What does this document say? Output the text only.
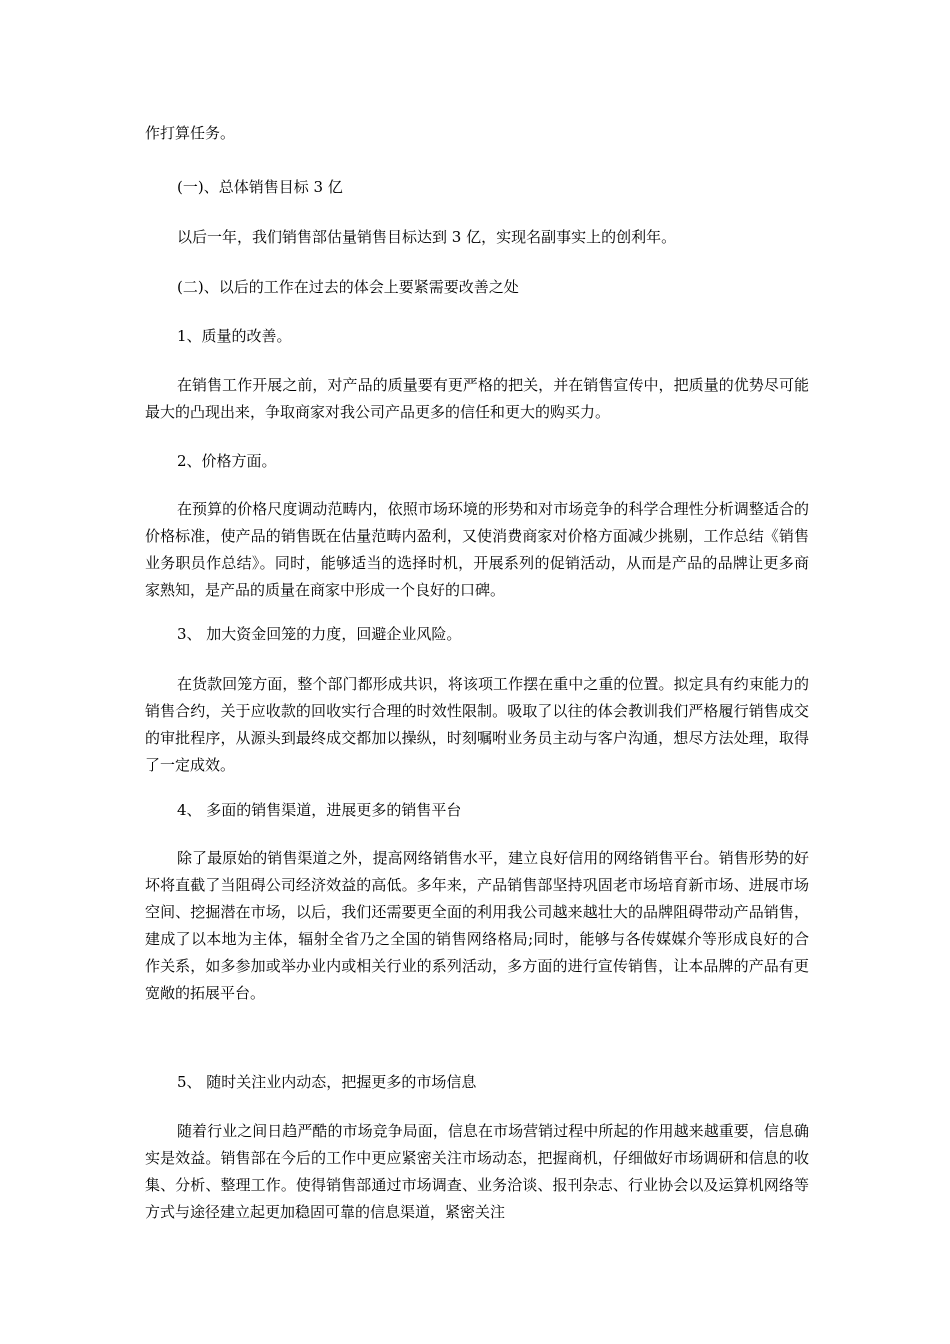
作打算任务。

(一)、总体销售目标 3 亿

以后一年，我们销售部估量销售目标达到 3 亿，实现名副事实上的创利年。

(二)、以后的工作在过去的体会上要紧需要改善之处

1、质量的改善。

在销售工作开展之前，对产品的质量要有更严格的把关，并在销售宣传中，把质量的优势尽可能最大的凸现出来，争取商家对我公司产品更多的信任和更大的购买力。

2、价格方面。

在预算的价格尺度调动范畴内，依照市场环境的形势和对市场竞争的科学合理性分析调整适合的价格标准，使产品的销售既在估量范畴内盈利，又使消费商家对价格方面减少挑剔，工作总结《销售业务职员作总结》。同时，能够适当的选择时机，开展系列的促销活动，从而是产品的品牌让更多商家熟知，是产品的质量在商家中形成一个良好的口碑。

3、 加大资金回笼的力度，回避企业风险。

在货款回笼方面，整个部门都形成共识，将该项工作摆在重中之重的位置。拟定具有约束能力的销售合约，关于应收款的回收实行合理的时效性限制。吸取了以往的体会教训我们严格履行销售成交的审批程序，从源头到最终成交都加以操纵，时刻嘱咐业务员主动与客户沟通，想尽方法处理，取得了一定成效。

4、 多面的销售渠道，进展更多的销售平台

除了最原始的销售渠道之外，提高网络销售水平，建立良好信用的网络销售平台。销售形势的好坏将直截了当阻碍公司经济效益的高低。多年来，产品销售部坚持巩固老市场培育新市场、进展市场空间、挖掘潜在市场，以后，我们还需要更全面的利用我公司越来越壮大的品牌阻碍带动产品销售，建成了以本地为主体，辐射全省乃之全国的销售网络格局;同时，能够与各传媒媒介等形成良好的合作关系，如多参加或举办业内或相关行业的系列活动，多方面的进行宣传销售，让本品牌的产品有更宽敞的拓展平台。

5、 随时关注业内动态，把握更多的市场信息

随着行业之间日趋严酷的市场竞争局面，信息在市场营销过程中所起的作用越来越重要，信息确实是效益。销售部在今后的工作中更应紧密关注市场动态，把握商机，仔细做好市场调研和信息的收集、分析、整理工作。使得销售部通过市场调查、业务洽谈、报刊杂志、行业协会以及运算机网络等方式与途径建立起更加稳固可靠的信息渠道，紧密关注
